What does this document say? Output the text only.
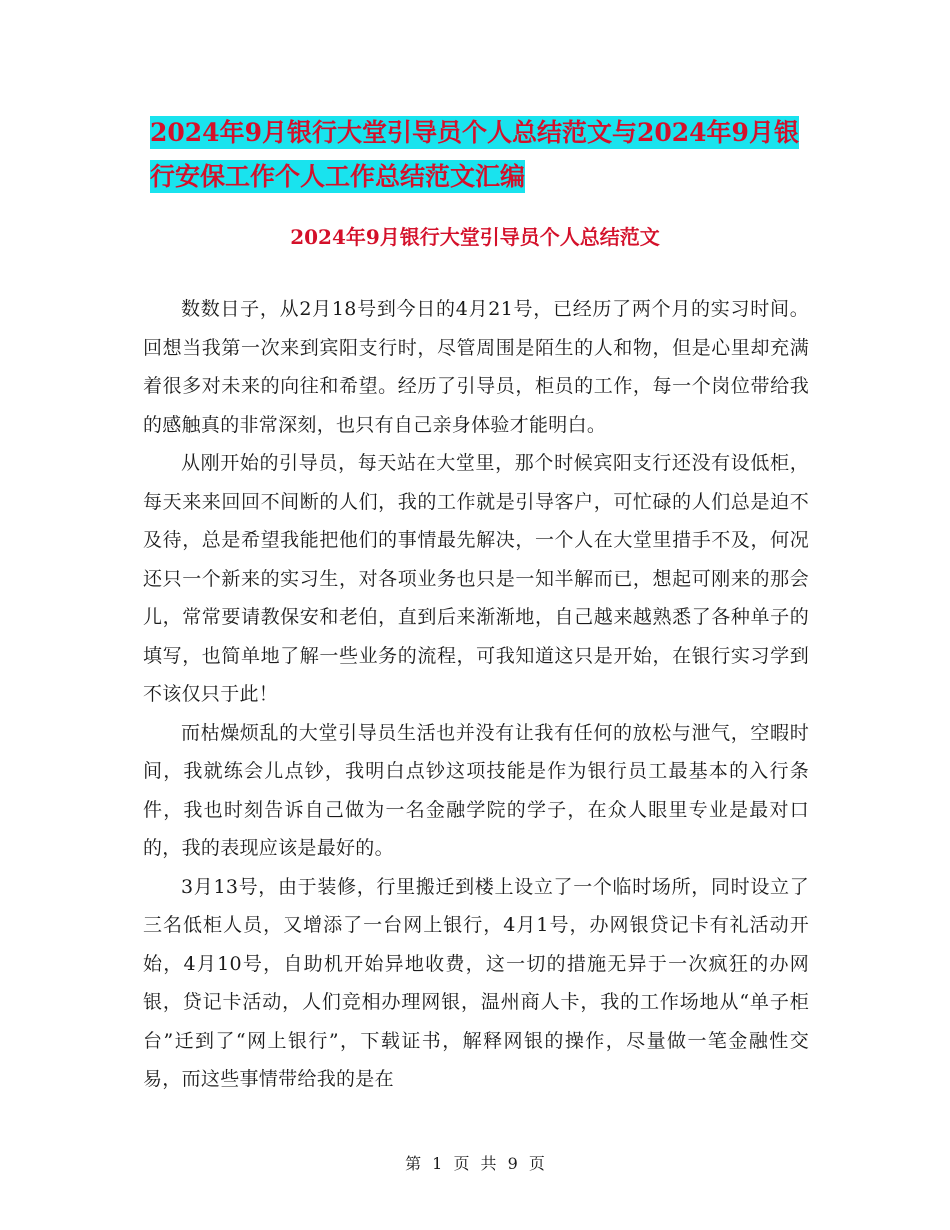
2024年9月银行大堂引导员个人总结范文与2024年9月银行安保工作个人工作总结范文汇编
2024年9月银行大堂引导员个人总结范文

数数日子，从2月18号到今日的4月21号，已经历了两个月的实习时间。回想当我第一次来到宾阳支行时，尽管周围是陌生的人和物，但是心里却充满着很多对未来的向往和希望。经历了引导员，柜员的工作，每一个岗位带给我的感触真的非常深刻，也只有自己亲身体验才能明白。

从刚开始的引导员，每天站在大堂里，那个时候宾阳支行还没有设低柜，每天来来回回不间断的人们，我的工作就是引导客户，可忙碌的人们总是迫不及待，总是希望我能把他们的事情最先解决，一个人在大堂里措手不及，何况还只一个新来的实习生，对各项业务也只是一知半解而已，想起可刚来的那会儿，常常要请教保安和老伯，直到后来渐渐地，自己越来越熟悉了各种单子的填写，也简单地了解一些业务的流程，可我知道这只是开始，在银行实习学到不该仅只于此！

而枯燥烦乱的大堂引导员生活也并没有让我有任何的放松与泄气，空暇时间，我就练会儿点钞，我明白点钞这项技能是作为银行员工最基本的入行条件，我也时刻告诉自己做为一名金融学院的学子，在众人眼里专业是最对口的，我的表现应该是最好的。

3月13号，由于装修，行里搬迁到楼上设立了一个临时场所，同时设立了三名低柜人员，又增添了一台网上银行，4月1号，办网银贷记卡有礼活动开始，4月10号，自助机开始异地收费，这一切的措施无异于一次疯狂的办网银，贷记卡活动，人们竞相办理网银，温州商人卡，我的工作场地从“单子柜台”迁到了“网上银行”，下载证书，解释网银的操作，尽量做一笔金融性交易，而这些事情带给我的是在

第 1 页 共 9 页
